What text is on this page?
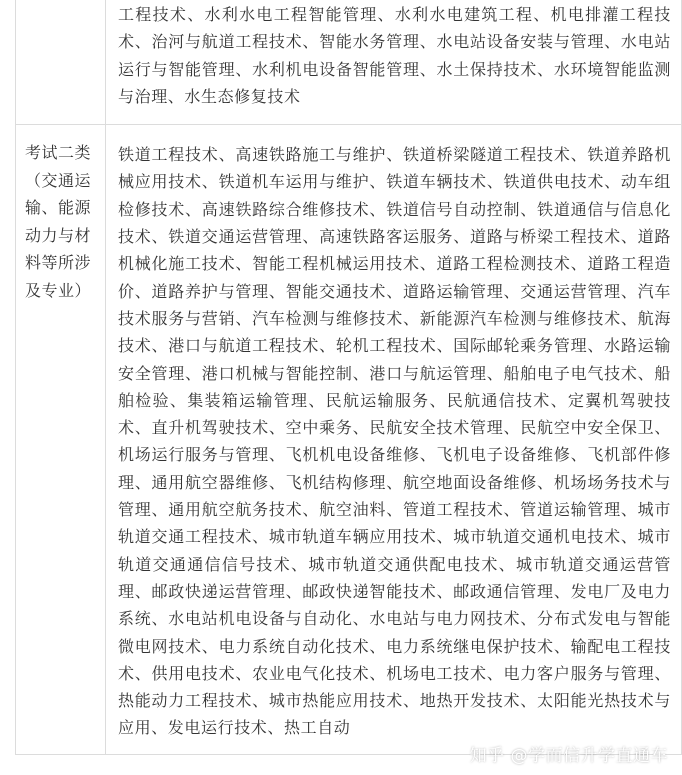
工程技术、水利水电工程智能管理、水利水电建筑工程、机电排灌工程技术、治河与航道工程技术、智能水务管理、水电站设备安装与管理、水电站运行与智能管理、水利机电设备智能管理、水土保持技术、水环境智能监测与治理、水生态修复技术
考试二类（交通运输、能源动力与材料等所涉及专业）
铁道工程技术、高速铁路施工与维护、铁道桥梁隧道工程技术、铁道养路机械应用技术、铁道机车运用与维护、铁道车辆技术、铁道供电技术、动车组检修技术、高速铁路综合维修技术、铁道信号自动控制、铁道通信与信息化技术、铁道交通运营管理、高速铁路客运服务、道路与桥梁工程技术、道路机械化施工技术、智能工程机械运用技术、道路工程检测技术、道路工程造价、道路养护与管理、智能交通技术、道路运输管理、交通运营管理、汽车技术服务与营销、汽车检测与维修技术、新能源汽车检测与维修技术、航海技术、港口与航道工程技术、轮机工程技术、国际邮轮乘务管理、水路运输安全管理、港口机械与智能控制、港口与航运管理、船舶电子电气技术、船舶检验、集装箱运输管理、民航运输服务、民航通信技术、定翼机驾驶技术、直升机驾驶技术、空中乘务、民航安全技术管理、民航空中安全保卫、机场运行服务与管理、飞机机电设备维修、飞机电子设备维修、飞机部件修理、通用航空器维修、飞机结构修理、航空地面设备维修、机场场务技术与管理、通用航空航务技术、航空油料、管道工程技术、管道运输管理、城市轨道交通工程技术、城市轨道车辆应用技术、城市轨道交通机电技术、城市轨道交通通信信号技术、城市轨道交通供配电技术、城市轨道交通运营管理、邮政快递运营管理、邮政快递智能技术、邮政通信管理、发电厂及电力系统、水电站机电设备与自动化、水电站与电力网技术、分布式发电与智能微电网技术、电力系统自动化技术、电力系统继电保护技术、输配电工程技术、供用电技术、农业电气化技术、机场电工技术、电力客户服务与管理、热能动力工程技术、城市热能应用技术、地热开发技术、太阳能光热技术与应用、发电运行技术、热工自动
知乎 @学而信升学直通车
